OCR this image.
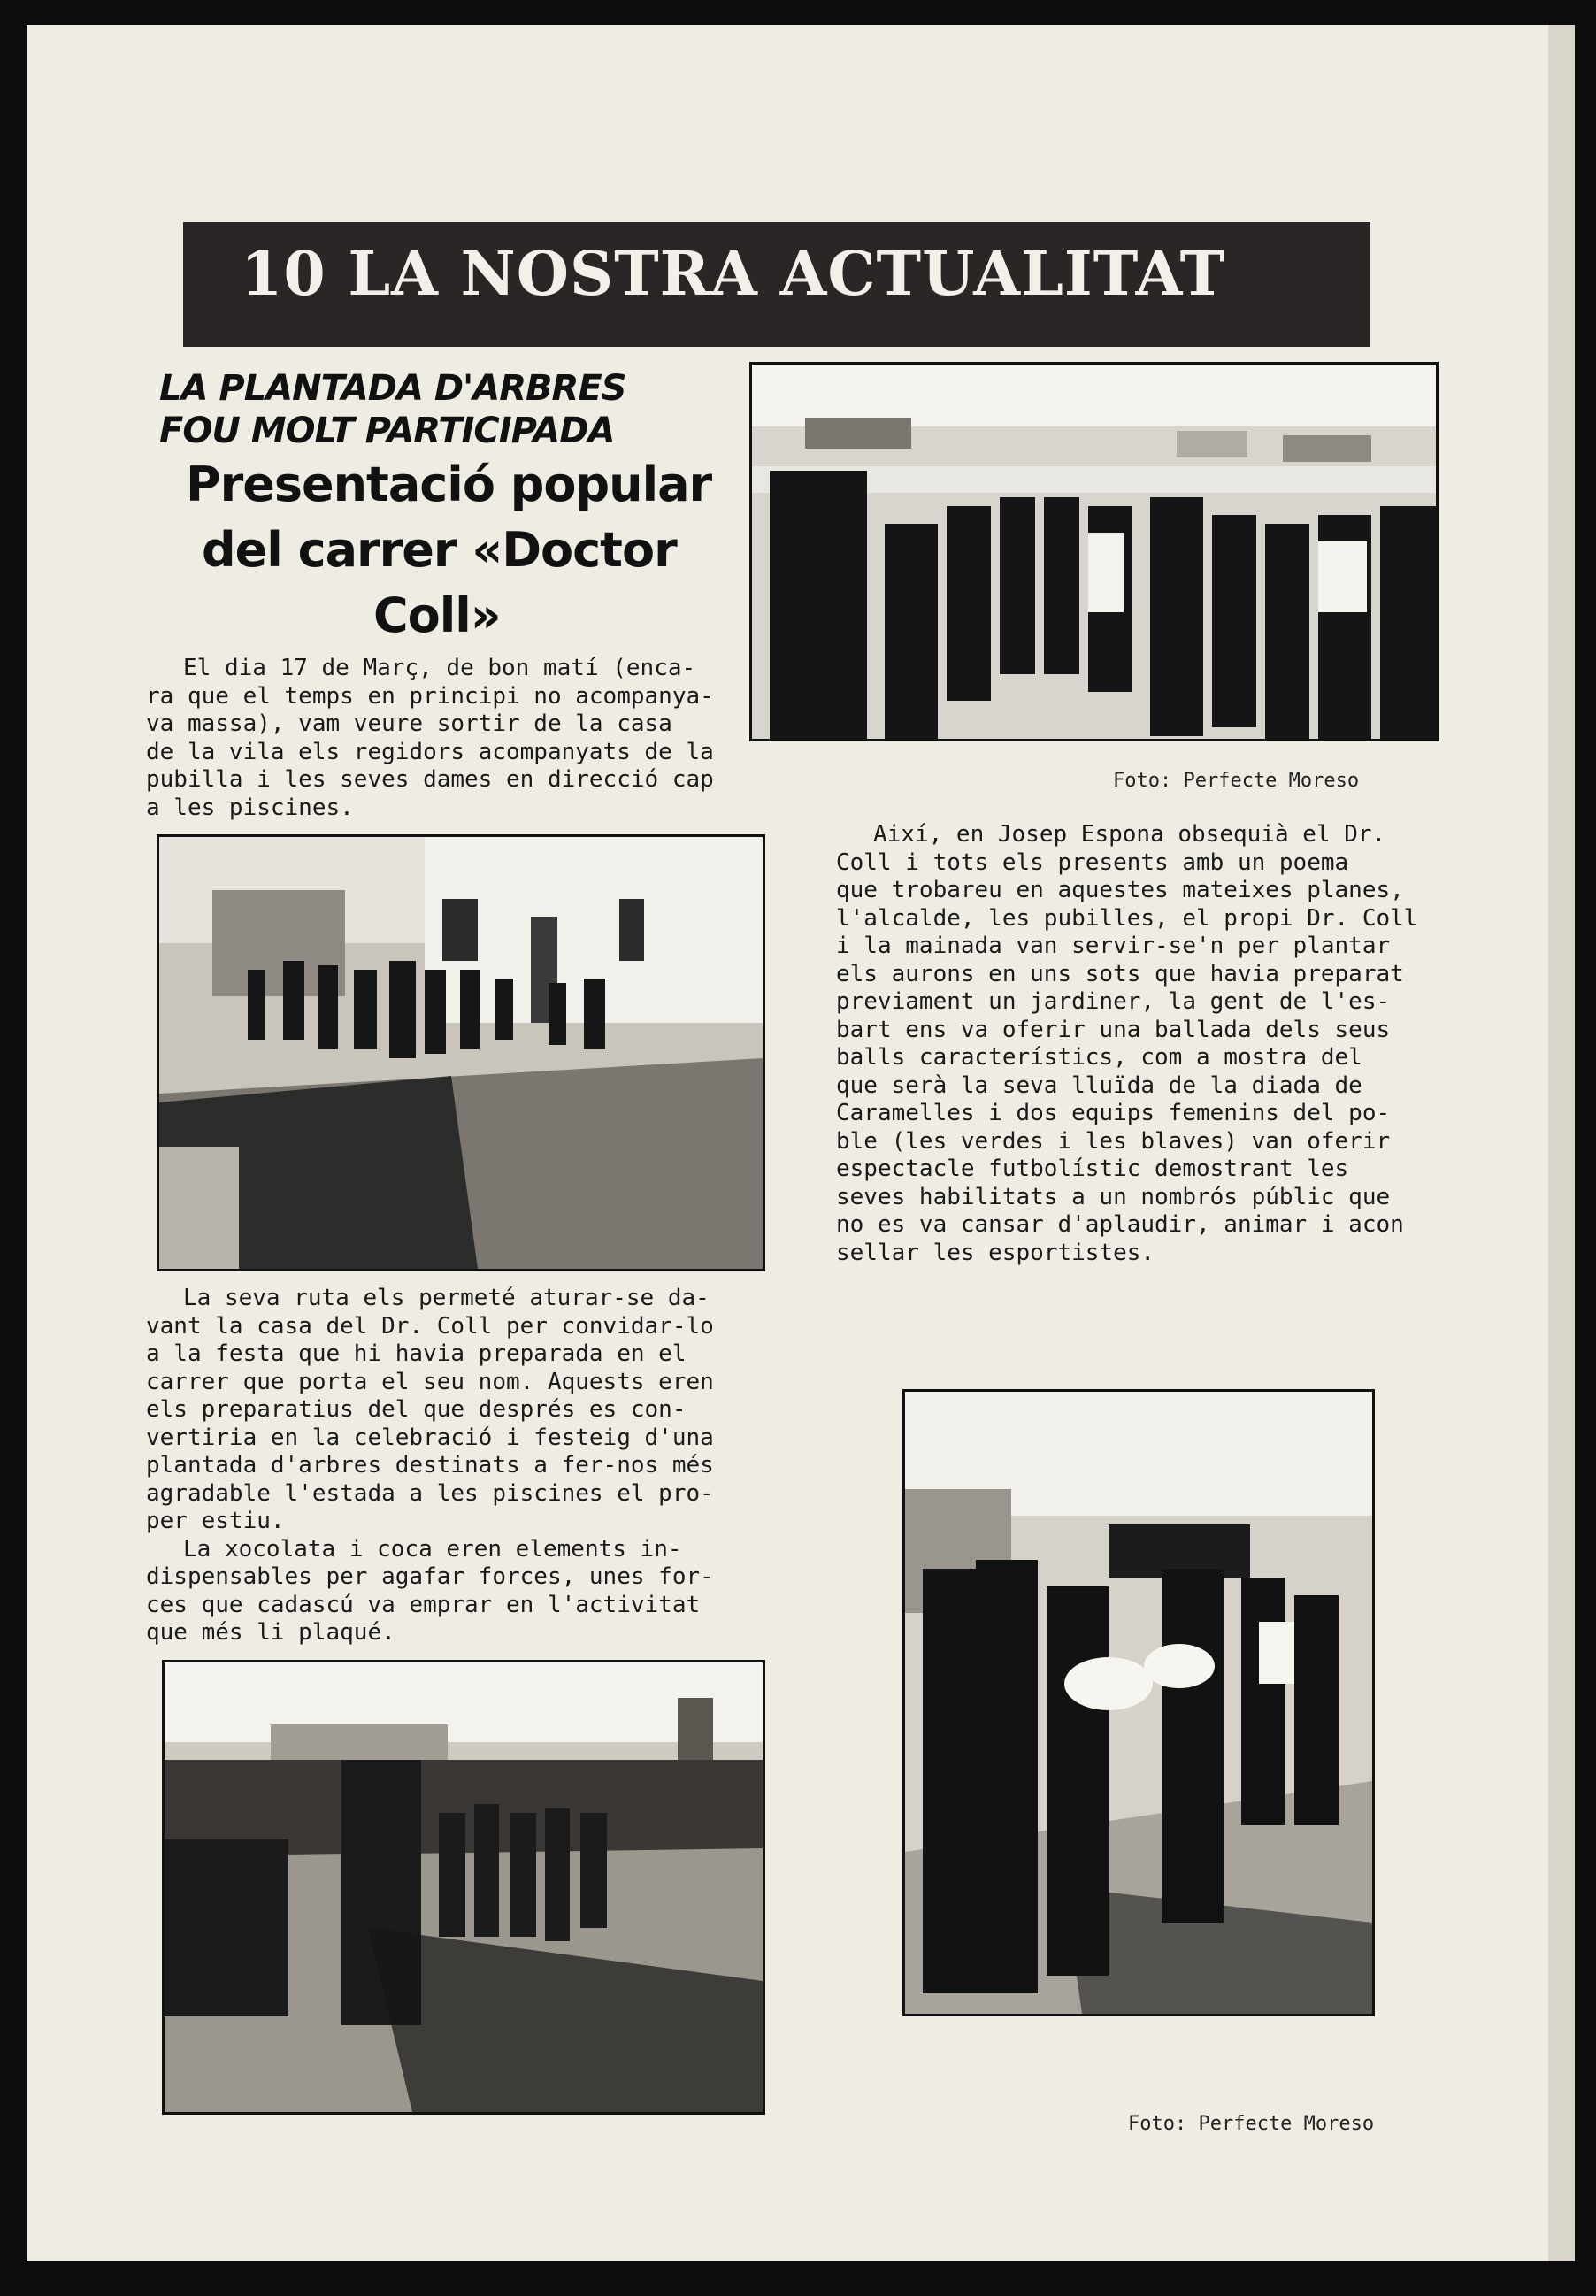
10 LA NOSTRA ACTUALITAT
LA PLANTADA D'ARBRES
FOU MOLT PARTICIPADA
Presentació popular
del carrer «Doctor
Coll»

El dia 17 de Març, de bon matí (enca-

ra que el temps en principi no acompanya-

va massa), vam veure sortir de la casa

de la vila els regidors acompanyats de la

pubilla i les seves dames en direcció cap

a les piscines.

La seva ruta els permeté aturar-se da-

vant la casa del Dr. Coll per convidar-lo

a la festa que hi havia preparada en el

carrer que porta el seu nom. Aquests eren

els preparatius del que després es con-

vertiria en la celebració i festeig d'una

plantada d'arbres destinats a fer-nos més

agradable l'estada a les piscines el pro-

per estiu.

La xocolata i coca eren elements in-

dispensables per agafar forces, unes for-

ces que cadascú va emprar en l'activitat

que més li plaqué.

Foto: Perfecte Moreso

Així, en Josep Espona obsequià el Dr.

Coll i tots els presents amb un poema

que trobareu en aquestes mateixes planes,

l'alcalde, les pubilles, el propi Dr. Coll

i la mainada van servir-se'n per plantar

els aurons en uns sots que havia preparat

previament un jardiner, la gent de l'es-

bart ens va oferir una ballada dels seus

balls característics, com a mostra del

que serà la seva lluïda de la diada de

Caramelles i dos equips femenins del po-

ble (les verdes i les blaves) van oferir

espectacle futbolístic demostrant les

seves habilitats a un nombrós públic que

no es va cansar d'aplaudir, animar i acon

sellar les esportistes.

Foto: Perfecte Moreso
